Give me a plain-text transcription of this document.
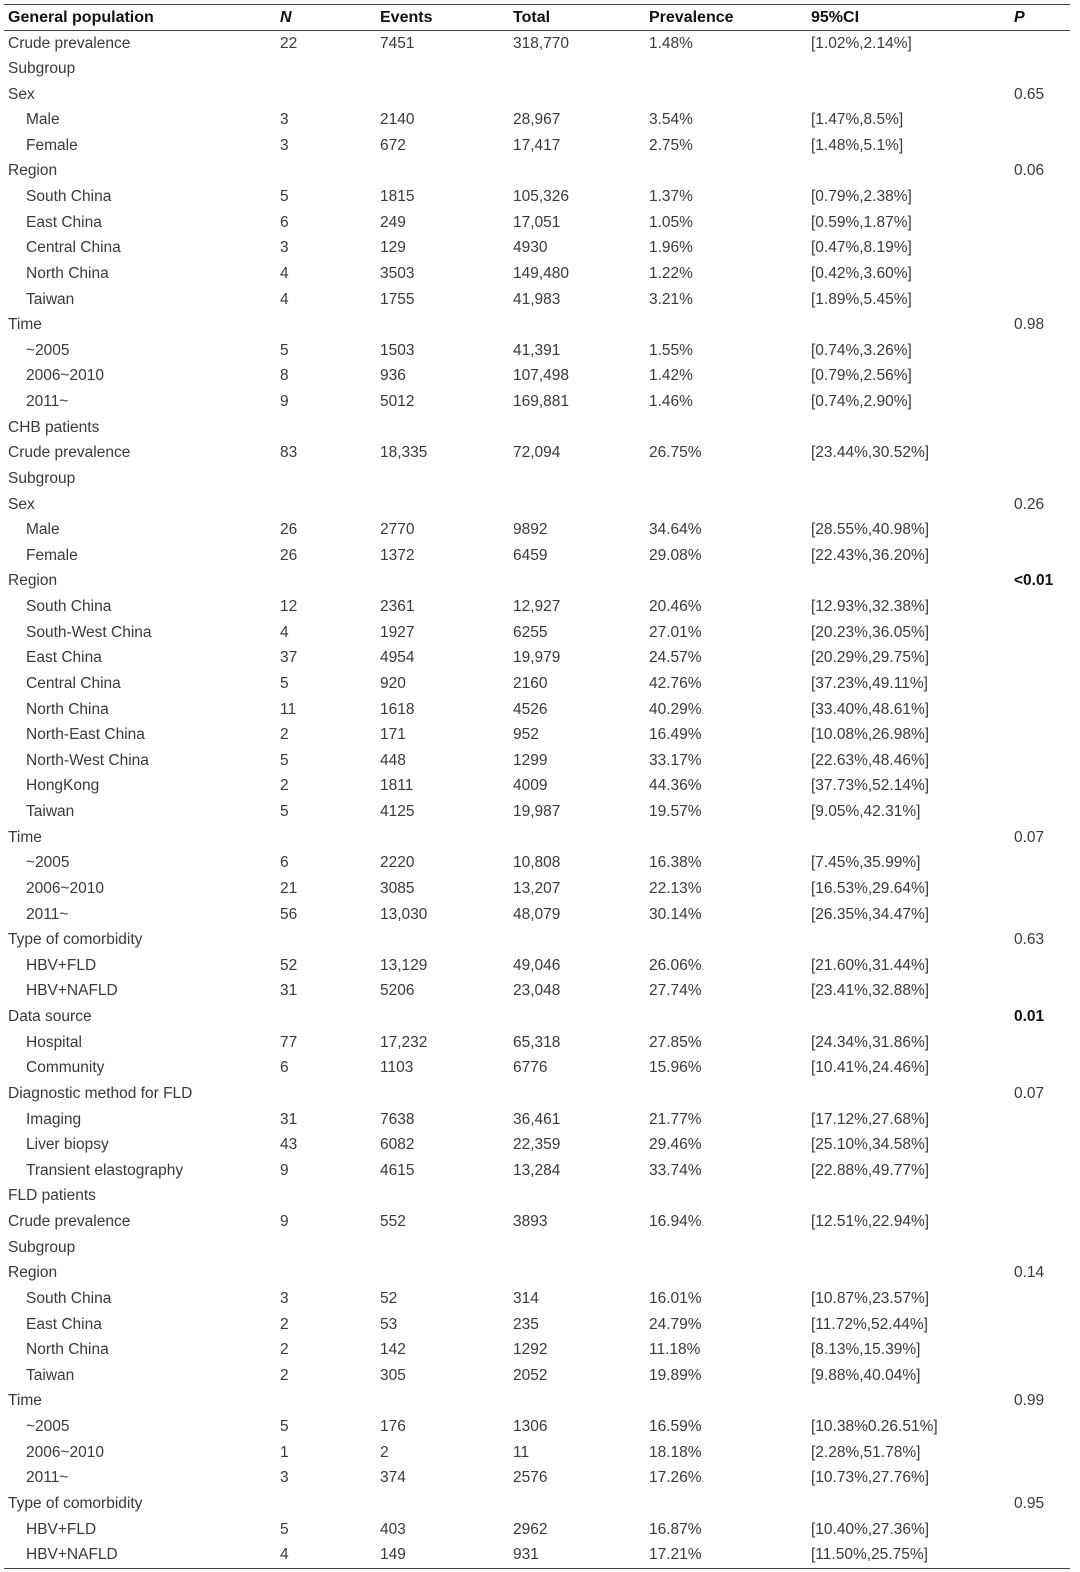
General population	N	Events	Total	Prevalence	95%CI	P
Crude prevalence	22	7451	318,770	1.48%	[1.02%,2.14%]	
Subgroup						
Sex						0.65
Male	3	2140	28,967	3.54%	[1.47%,8.5%]	
Female	3	672	17,417	2.75%	[1.48%,5.1%]	
Region						0.06
South China	5	1815	105,326	1.37%	[0.79%,2.38%]	
East China	6	249	17,051	1.05%	[0.59%,1.87%]	
Central China	3	129	4930	1.96%	[0.47%,8.19%]	
North China	4	3503	149,480	1.22%	[0.42%,3.60%]	
Taiwan	4	1755	41,983	3.21%	[1.89%,5.45%]	
Time						0.98
~2005	5	1503	41,391	1.55%	[0.74%,3.26%]	
2006~2010	8	936	107,498	1.42%	[0.79%,2.56%]	
2011~	9	5012	169,881	1.46%	[0.74%,2.90%]	
CHB patients						
Crude prevalence	83	18,335	72,094	26.75%	[23.44%,30.52%]	
Subgroup						
Sex						0.26
Male	26	2770	9892	34.64%	[28.55%,40.98%]	
Female	26	1372	6459	29.08%	[22.43%,36.20%]	
Region						<0.01
South China	12	2361	12,927	20.46%	[12.93%,32.38%]	
South-West China	4	1927	6255	27.01%	[20.23%,36.05%]	
East China	37	4954	19,979	24.57%	[20.29%,29.75%]	
Central China	5	920	2160	42.76%	[37.23%,49.11%]	
North China	11	1618	4526	40.29%	[33.40%,48.61%]	
North-East China	2	171	952	16.49%	[10.08%,26.98%]	
North-West China	5	448	1299	33.17%	[22.63%,48.46%]	
HongKong	2	1811	4009	44.36%	[37.73%,52.14%]	
Taiwan	5	4125	19,987	19.57%	[9.05%,42.31%]	
Time						0.07
~2005	6	2220	10,808	16.38%	[7.45%,35.99%]	
2006~2010	21	3085	13,207	22.13%	[16.53%,29.64%]	
2011~	56	13,030	48,079	30.14%	[26.35%,34.47%]	
Type of comorbidity						0.63
HBV+FLD	52	13,129	49,046	26.06%	[21.60%,31.44%]	
HBV+NAFLD	31	5206	23,048	27.74%	[23.41%,32.88%]	
Data source						0.01
Hospital	77	17,232	65,318	27.85%	[24.34%,31.86%]	
Community	6	1103	6776	15.96%	[10.41%,24.46%]	
Diagnostic method for FLD						0.07
Imaging	31	7638	36,461	21.77%	[17.12%,27.68%]	
Liver biopsy	43	6082	22,359	29.46%	[25.10%,34.58%]	
Transient elastography	9	4615	13,284	33.74%	[22.88%,49.77%]	
FLD patients						
Crude prevalence	9	552	3893	16.94%	[12.51%,22.94%]	
Subgroup						
Region						0.14
South China	3	52	314	16.01%	[10.87%,23.57%]	
East China	2	53	235	24.79%	[11.72%,52.44%]	
North China	2	142	1292	11.18%	[8.13%,15.39%]	
Taiwan	2	305	2052	19.89%	[9.88%,40.04%]	
Time						0.99
~2005	5	176	1306	16.59%	[10.38%0.26.51%]	
2006~2010	1	2	11	18.18%	[2.28%,51.78%]	
2011~	3	374	2576	17.26%	[10.73%,27.76%]	
Type of comorbidity						0.95
HBV+FLD	5	403	2962	16.87%	[10.40%,27.36%]	
HBV+NAFLD	4	149	931	17.21%	[11.50%,25.75%]	
